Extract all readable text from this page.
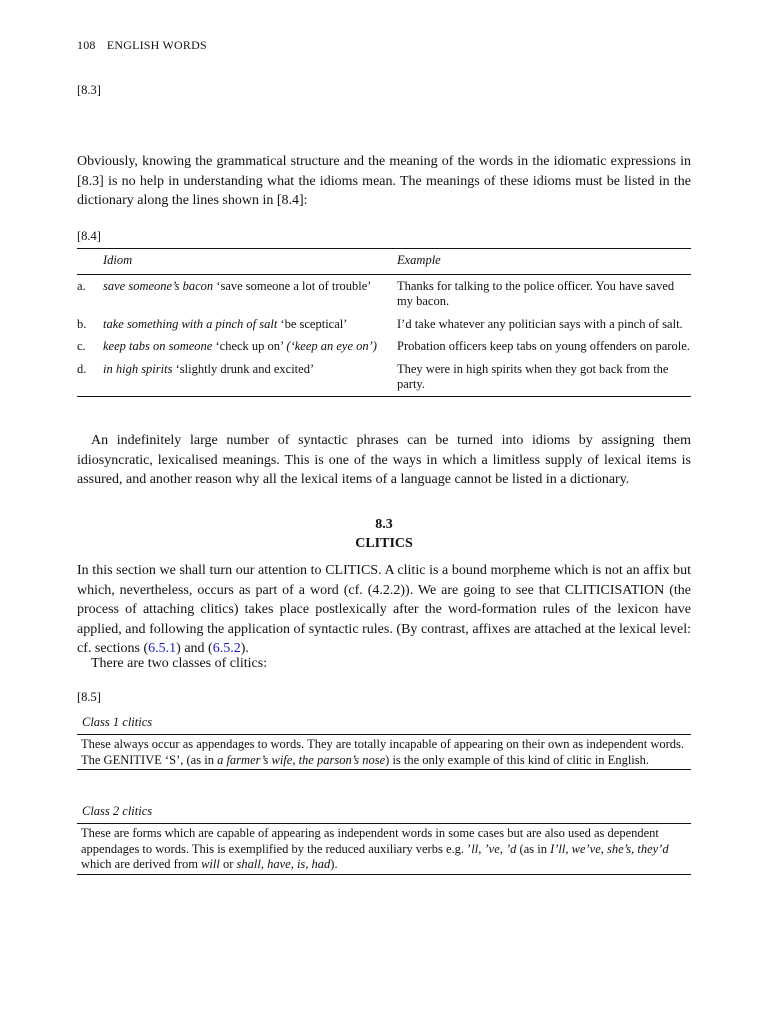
108 ENGLISH WORDS
[8.3]

Obviously, knowing the grammatical structure and the meaning of the words in the idiomatic expressions in [8.3] is no help in understanding what the idioms mean. The meanings of these idioms must be listed in the dictionary along the lines shown in [8.4]:

[8.4]
	Idiom	Example
a.	save someone’s bacon ‘save someone a lot of trouble’	Thanks for talking to the police officer. You have saved my bacon.
b.	take something with a pinch of salt ‘be sceptical’	I’d take whatever any politician says with a pinch of salt.
c.	keep tabs on someone ‘check up on’ (‘keep an eye on’)	Probation officers keep tabs on young offenders on parole.
d.	in high spirits ‘slightly drunk and excited’	They were in high spirits when they got back from the party.

An indefinitely large number of syntactic phrases can be turned into idioms by assigning them idiosyncratic, lexicalised meanings. This is one of the ways in which a limitless supply of lexical items is assured, and another reason why all the lexical items of a language cannot be listed in a dictionary.

8.3
CLITICS

In this section we shall turn our attention to CLITICS. A clitic is a bound morpheme which is not an affix but which, nevertheless, occurs as part of a word (cf. (4.2.2)). We are going to see that CLITICISATION (the process of attaching clitics) takes place postlexically after the word-formation rules of the lexicon have applied, and following the application of syntactic rules. (By contrast, affixes are attached at the lexical level: cf. sections (6.5.1) and (6.5.2).

There are two classes of clitics:

[8.5]
Class 1 clitics
These always occur as appendages to words. They are totally incapable of appearing on their own as independent words. The GENITIVE ‘S’, (as in a farmer’s wife, the parson’s nose) is the only example of this kind of clitic in English.
Class 2 clitics
These are forms which are capable of appearing as independent words in some cases but are also used as dependent appendages to words. This is exemplified by the reduced auxiliary verbs e.g. ’ll, ’ve, ’d (as in I’ll, we’ve, she’s, they’d which are derived from will or shall, have, is, had).
